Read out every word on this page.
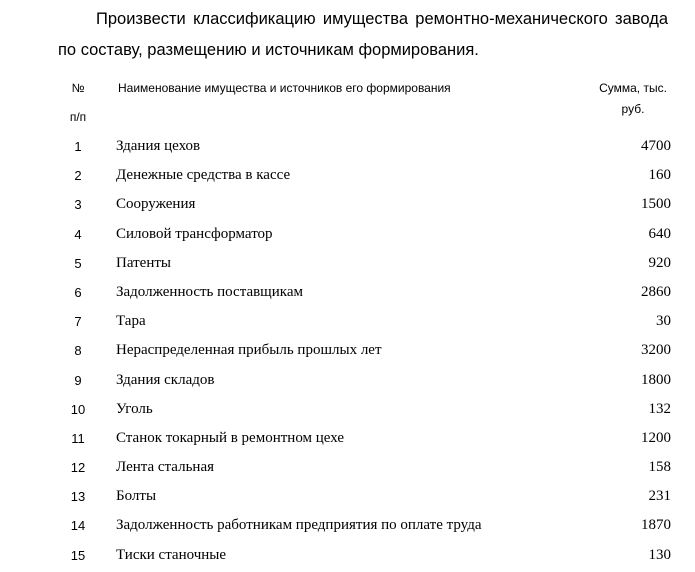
Произвести классификацию имущества ремонтно-механического завода по составу, размещению и источникам формирования.

№
п/п
Наименование имущества и источников его формирования	Сумма, тыс.
руб.
1	Здания цехов	4700
2	Денежные средства в кассе	160
3	Сооружения	1500
4	Силовой трансформатор	640
5	Патенты	920
6	Задолженность поставщикам	2860
7	Тара	30
8	Нераспределенная прибыль прошлых лет	3200
9	Здания складов	1800
10	Уголь	132
11	Станок токарный в ремонтном цехе	1200
12	Лента стальная	158
13	Болты	231
14	Задолженность работникам предприятия по оплате труда	1870
15	Тиски станочные	130
